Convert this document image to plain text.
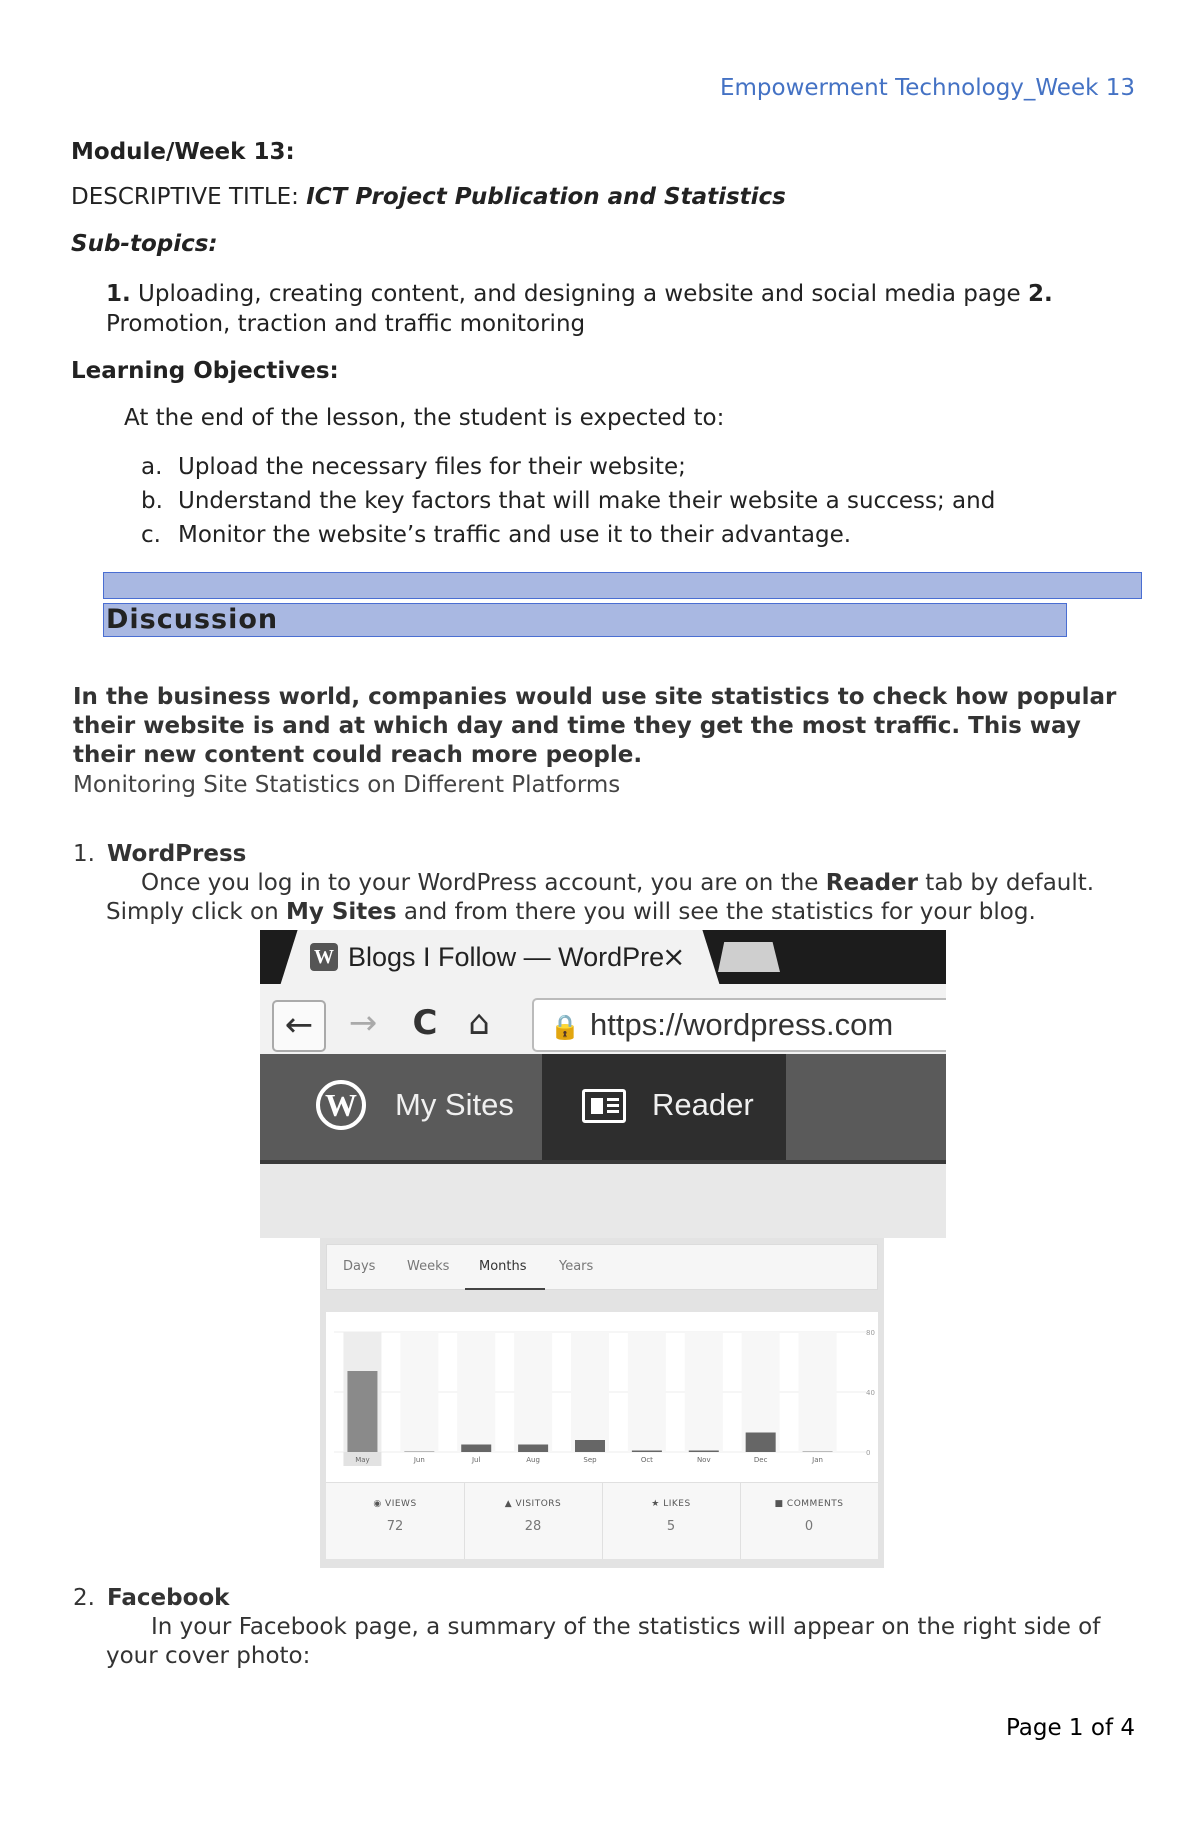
Empowerment Technology_Week 13
Module/Week 13:
DESCRIPTIVE TITLE: ICT Project Publication and Statistics
Sub-topics:
1. Uploading, creating content, and designing a website and social media page 2.
Promotion, traction and traffic monitoring
Learning Objectives:
At the end of the lesson, the student is expected to:
a. Upload the necessary files for their website;
b. Understand the key factors that will make their website a success; and
c. Monitor the website’s traffic and use it to their advantage.
Discussion
In the business world, companies would use site statistics to check how popular their website is and at which day and time they get the most traffic. This way their new content could reach more people.
Monitoring Site Statistics on Different Platforms
1. WordPress
Once you log in to your WordPress account, you are on the Reader tab by default.
Simply click on My Sites and from there you will see the statistics for your blog.
W Blogs I Follow — WordPre
×
←	→	C ⌂	🔒 https://wordpress.com
W My Sites	Reader
Days Weeks Months Years
80
40
0
May	Jun	Jul	Aug	Sep	Oct	Nov	Dec	Jan
◉ VIEWS
72
▲ VISITORS
28
★ LIKES
5
■ COMMENTS
0
2. Facebook
In your Facebook page, a summary of the statistics will appear on the right side of
your cover photo:
Page 1 of 4
